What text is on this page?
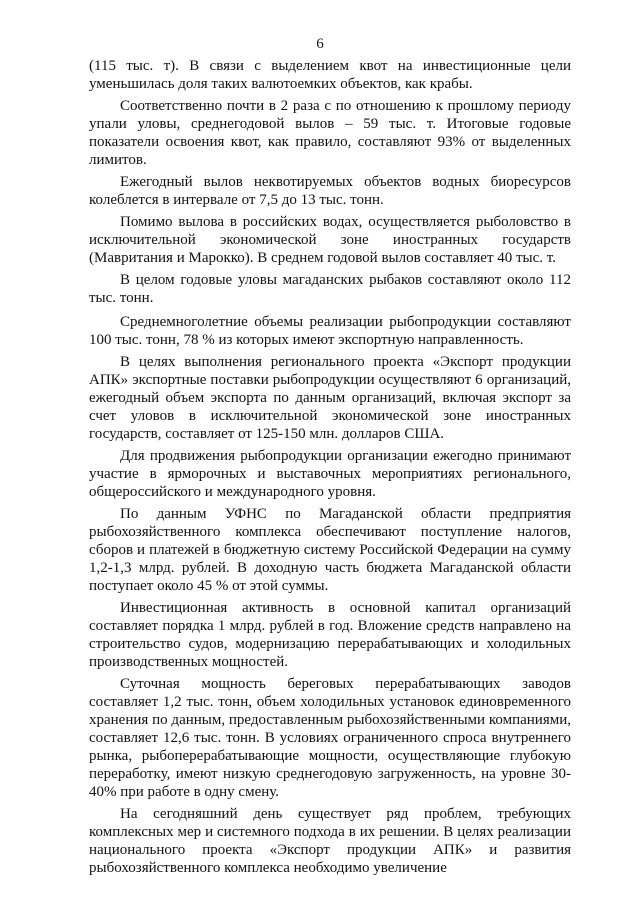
6

(115 тыс. т). В связи с выделением квот на инвестиционные цели уменьшилась доля таких валютоемких объектов, как крабы.

Соответственно почти в 2 раза с по отношению к прошлому периоду упали уловы, среднегодовой вылов – 59 тыс. т. Итоговые годовые показатели освоения квот, как правило, составляют 93% от выделенных лимитов.

Ежегодный вылов неквотируемых объектов водных биоресурсов колеблется в интервале от 7,5 до 13 тыс. тонн.

Помимо вылова в российских водах, осуществляется рыболовство в исключительной экономической зоне иностранных государств (Мавритания и Марокко). В среднем годовой вылов составляет 40 тыс. т.

В целом годовые уловы магаданских рыбаков составляют около 112 тыс. тонн.

Среднемноголетние объемы реализации рыбопродукции составляют 100 тыс. тонн, 78 % из которых имеют экспортную направленность.

В целях выполнения регионального проекта «Экспорт продукции АПК» экспортные поставки рыбопродукции осуществляют 6 организаций, ежегодный объем экспорта по данным организаций, включая экспорт за счет уловов в исключительной экономической зоне иностранных государств, составляет от 125-150 млн. долларов США.

Для продвижения рыбопродукции организации ежегодно принимают участие в ярморочных и выставочных мероприятиях регионального, общероссийского и международного уровня.

По данным УФНС по Магаданской области предприятия рыбохозяйственного комплекса обеспечивают поступление налогов, сборов и платежей в бюджетную систему Российской Федерации на сумму 1,2-1,3 млрд. рублей. В доходную часть бюджета Магаданской области поступает около 45 % от этой суммы.

Инвестиционная активность в основной капитал организаций составляет порядка 1 млрд. рублей в год. Вложение средств направлено на строительство судов, модернизацию перерабатывающих и холодильных производственных мощностей.

Суточная мощность береговых перерабатывающих заводов составляет 1,2 тыс. тонн, объем холодильных установок единовременного хранения по данным, предоставленным рыбохозяйственными компаниями, составляет 12,6 тыс. тонн. В условиях ограниченного спроса внутреннего рынка, рыбоперерабатывающие мощности, осуществляющие глубокую переработку, имеют низкую среднегодовую загруженность, на уровне 30-40% при работе в одну смену.

На сегодняшний день существует ряд проблем, требующих комплексных мер и системного подхода в их решении. В целях реализации национального проекта «Экспорт продукции АПК» и развития рыбохозяйственного комплекса необходимо увеличение
